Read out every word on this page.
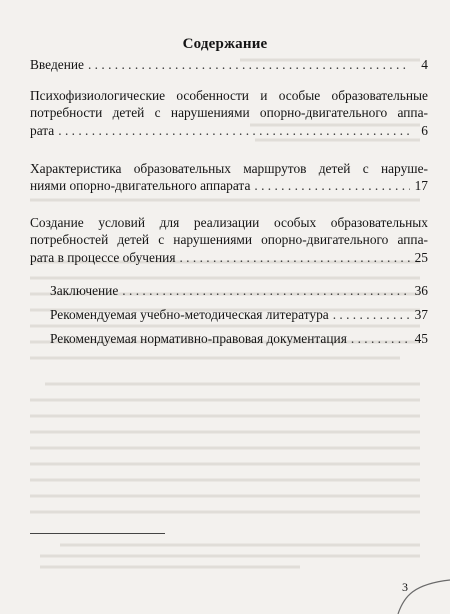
Содержание
Введение . . .	4
Психофизиологические особенности и особые образовательные
потребности детей с нарушениями опорно-двигательного аппа-
рата . . .	6
Характеристика образовательных маршрутов детей с наруше-
ниями опорно-двигательного аппарата . . .	17
Создание условий для реализации особых образовательных
потребностей детей с нарушениями опорно-двигательного аппа-
рата в процессе обучения . . .	25
Заключение . . .	36
Рекомендуемая учебно-методическая литература . . .	37
Рекомендуемая нормативно-правовая документация . . .	45
3
